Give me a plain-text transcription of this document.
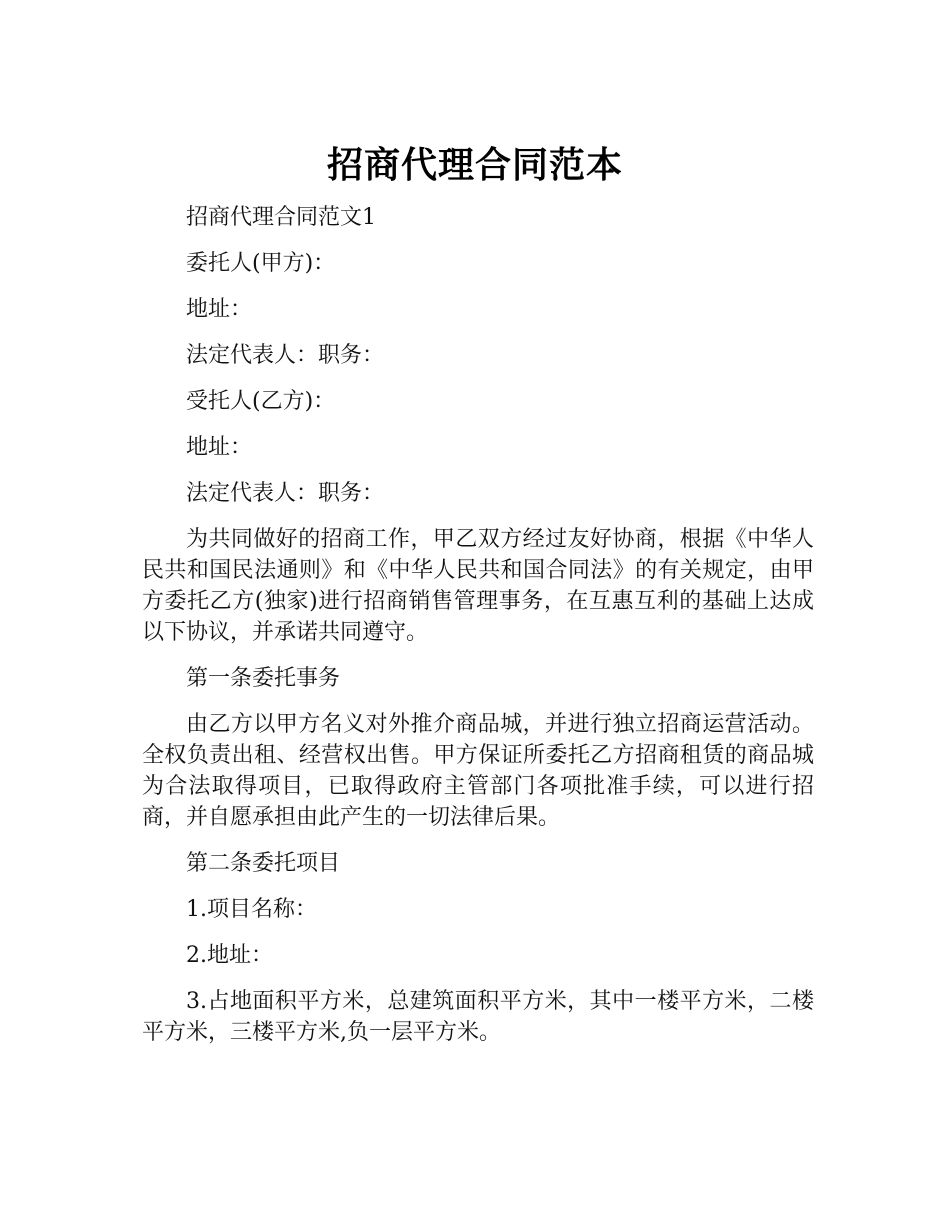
招商代理合同范本

招商代理合同范文1

委托人(甲方)：

地址：

法定代表人：职务：

受托人(乙方)：

地址：

法定代表人：职务：

为共同做好的招商工作，甲乙双方经过友好协商，根据《中华人民共和国民法通则》和《中华人民共和国合同法》的有关规定，由甲方委托乙方(独家)进行招商销售管理事务，在互惠互利的基础上达成以下协议，并承诺共同遵守。

第一条委托事务

由乙方以甲方名义对外推介商品城，并进行独立招商运营活动。全权负责出租、经营权出售。甲方保证所委托乙方招商租赁的商品城为合法取得项目，已取得政府主管部门各项批准手续，可以进行招商，并自愿承担由此产生的一切法律后果。

第二条委托项目

1.项目名称：

2.地址：

3.占地面积平方米，总建筑面积平方米，其中一楼平方米，二楼平方米，三楼平方米,负一层平方米。
